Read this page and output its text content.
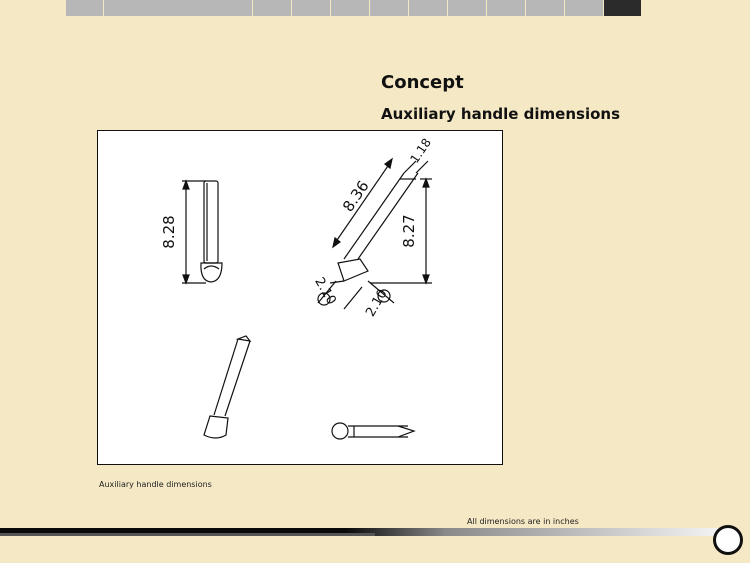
Concept
Auxiliary handle dimensions
8.28
8.36
8.27
1.18
2.10 2.10
Auxiliary handle dimensions
All dimensions are in inches
